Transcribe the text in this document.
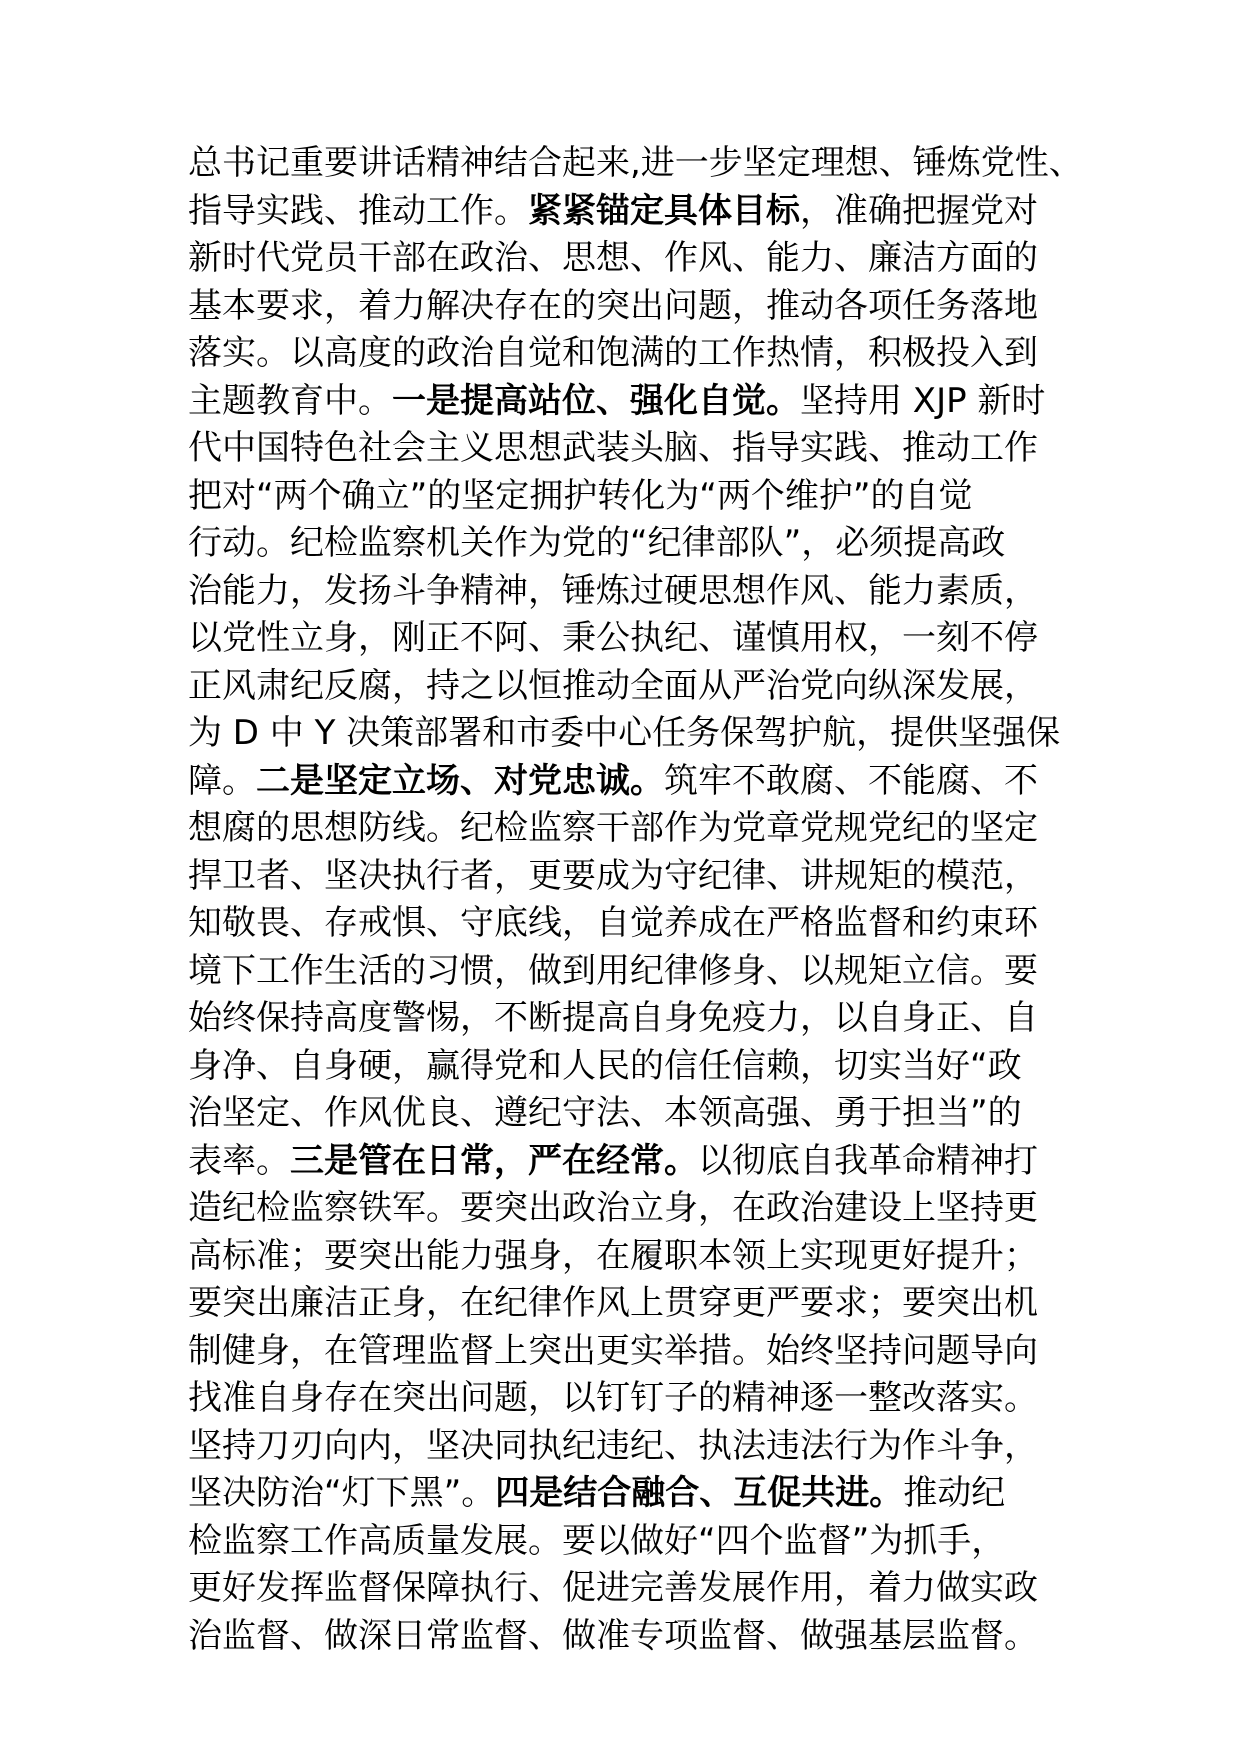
总书记重要讲话精神结合起来,进一步坚定理想、锤炼党性、
指导实践、推动工作。紧紧锚定具体目标，准确把握党对
新时代党员干部在政治、思想、作风、能力、廉洁方面的
基本要求，着力解决存在的突出问题，推动各项任务落地
落实。以高度的政治自觉和饱满的工作热情，积极投入到
主题教育中。一是提高站位、强化自觉。坚持用 XJP 新时
代中国特色社会主义思想武装头脑、指导实践、推动工作
把对“两个确立”的坚定拥护转化为“两个维护”的自觉
行动。纪检监察机关作为党的“纪律部队”，必须提高政
治能力，发扬斗争精神，锤炼过硬思想作风、能力素质，
以党性立身，刚正不阿、秉公执纪、谨慎用权，一刻不停
正风肃纪反腐，持之以恒推动全面从严治党向纵深发展，
为 D 中 Y 决策部署和市委中心任务保驾护航，提供坚强保
障。二是坚定立场、对党忠诚。筑牢不敢腐、不能腐、不
想腐的思想防线。纪检监察干部作为党章党规党纪的坚定
捍卫者、坚决执行者，更要成为守纪律、讲规矩的模范，
知敬畏、存戒惧、守底线，自觉养成在严格监督和约束环
境下工作生活的习惯，做到用纪律修身、以规矩立信。要
始终保持高度警惕，不断提高自身免疫力，以自身正、自
身净、自身硬，赢得党和人民的信任信赖，切实当好“政
治坚定、作风优良、遵纪守法、本领高强、勇于担当”的
表率。三是管在日常，严在经常。以彻底自我革命精神打
造纪检监察铁军。要突出政治立身，在政治建设上坚持更
高标准；要突出能力强身，在履职本领上实现更好提升；
要突出廉洁正身，在纪律作风上贯穿更严要求；要突出机
制健身，在管理监督上突出更实举措。始终坚持问题导向
找准自身存在突出问题，以钉钉子的精神逐一整改落实。
坚持刀刃向内，坚决同执纪违纪、执法违法行为作斗争，
坚决防治“灯下黑”。四是结合融合、互促共进。推动纪
检监察工作高质量发展。要以做好“四个监督”为抓手，
更好发挥监督保障执行、促进完善发展作用，着力做实政
治监督、做深日常监督、做准专项监督、做强基层监督。
